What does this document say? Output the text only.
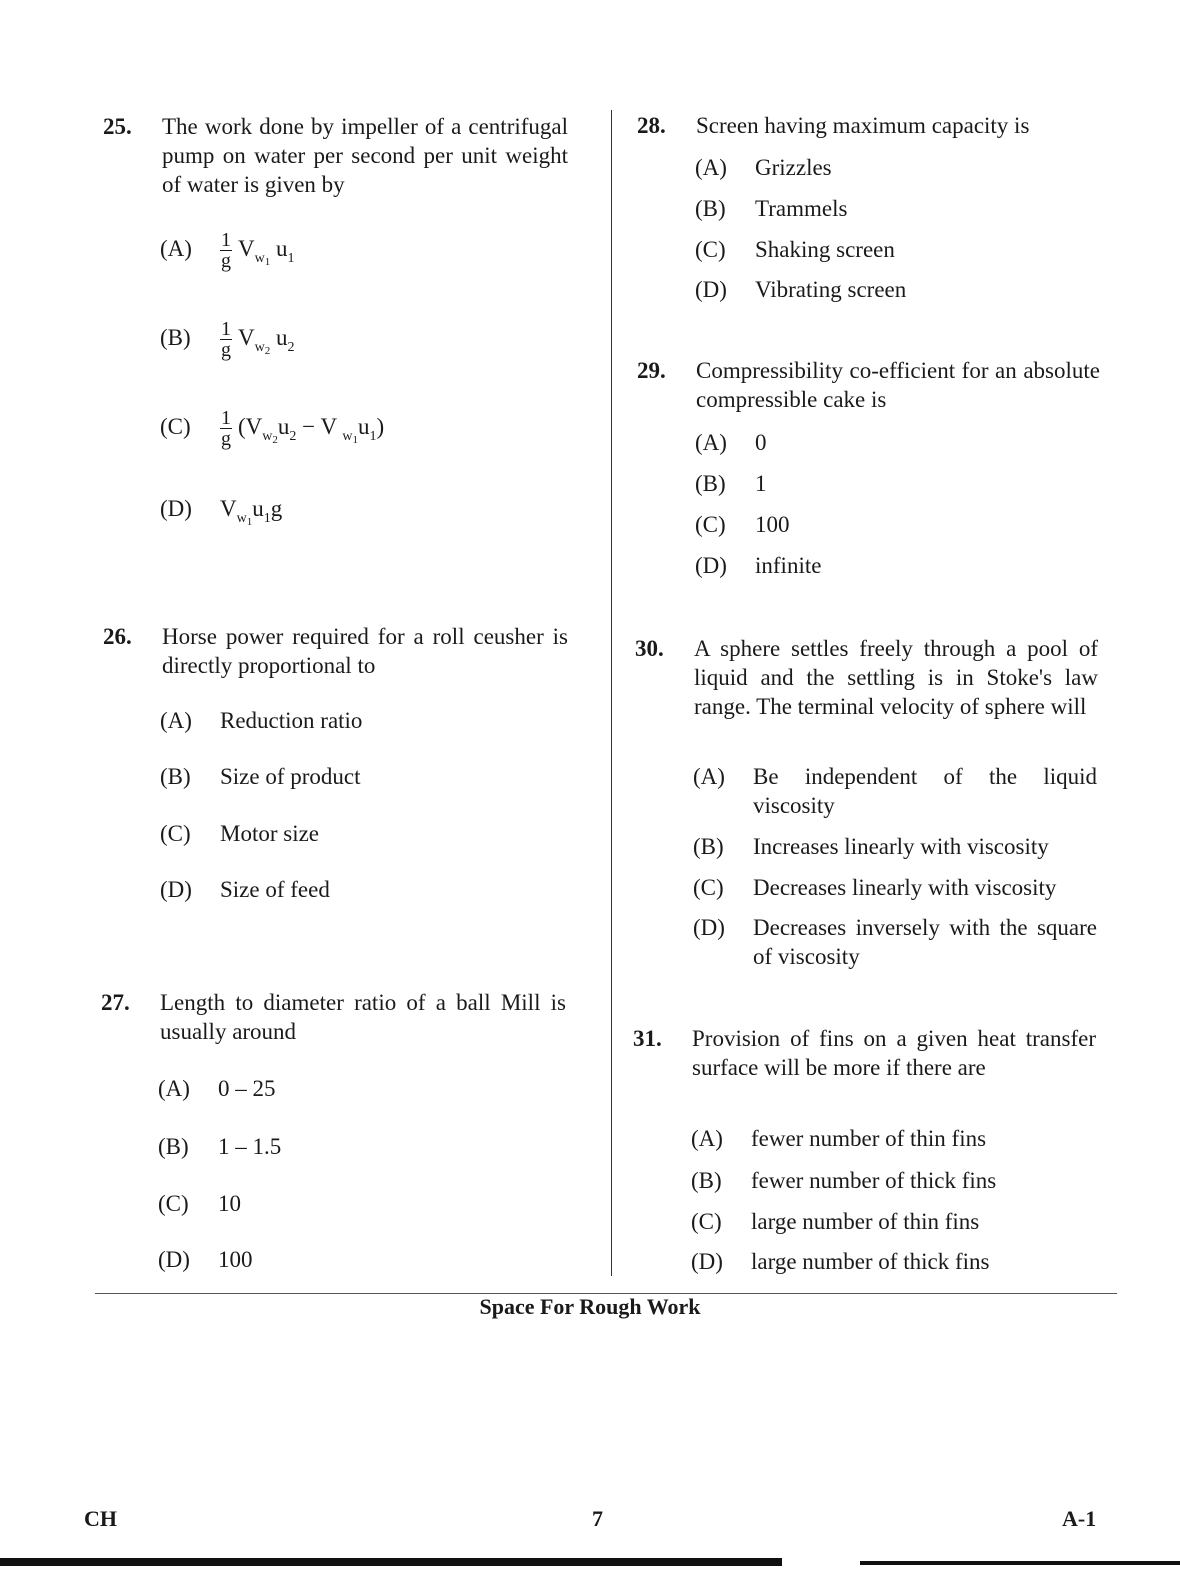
25. The work done by impeller of a centrifugal pump on water per second per unit weight of water is given by
$(A) \frac{1}{g} V_{w_1}$ $u_1$
$(B) \frac{1}{g} V_{w_2}$ $u_2$
$(C) \frac{1}{g} (V_{w_2}u_2 - V$ $_{w_1}u_1$)
(D) $V_{w_1}u_1g$
26. Horse power required for a roll ceusher is directly proportional to
(A) Reduction ratio
(B) Size of product
(C) Motor size
(D) Size of feed
27. Length to diameter ratio of a ball Mill is usually around
(A) 0 – 25
(B) 1 – 1.5
(C) 10
(D) 100
28. Screen having maximum capacity is
(A) Grizzles
(B) Trammels
(C) Shaking screen
(D) Vibrating screen
29. Compressibility co-efficient for an absolute compressible cake is
(A) 0
(B) 1
(C) 100
(D) infinite
30. A sphere settles freely through a pool of liquid and the settling is in Stoke's law range. The terminal velocity of sphere will
(A) Be independent of the liquid viscosity
(B) Increases linearly with viscosity
(C) Decreases linearly with viscosity
(D) Decreases inversely with the square of viscosity
31. Provision of fins on a given heat transfer surface will be more if there are
(A) fewer number of thin fins
(B) fewer number of thick fins
(C) large number of thin fins
(D) large number of thick fins
Space For Rough Work
CH	7	A-1
